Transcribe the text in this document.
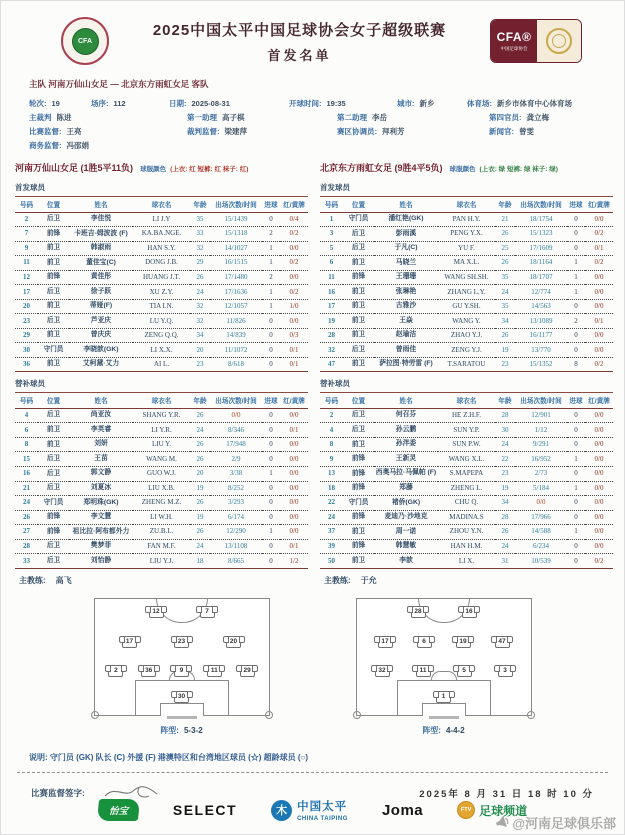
CFA
2025中国太平中国足球协会女子超级联赛
首发名单
CFA®
中国足球协会
主队 河南万仙山女足 — 北京东方雨虹女足 客队
轮次: 19	场序: 112	日期: 2025-08-31	开球时间: 19:35	城市: 新乡	体育场: 新乡市体育中心体育场
主裁判 陈进	第一助理 高子棋	第二助理 李岳	第四官员: 龚立梅
比赛监督: 王亮	裁判监督: 梁建萍	赛区协调员: 拜利芳	新闻官: 曾雯
商务监督: 冯邵娟
河南万仙山女足 (1胜5平11负) 球服颜色 (上衣: 红 短裤: 红 袜子: 红)
首发球员
号码	位置	姓名	球衣名	年龄	出场次数/时间	进球	红/黄牌
2	后卫	李佳悦	LI J.Y	35	15/1439	0	0/4
7	前锋	卡班吉-姆波波 (F)	KA.BA.NGE.	33	15/1318	2	0/2
9	前卫	韩淑雨	HAN S.Y.	32	14/1027	1	0/0
11	前卫	董佳宝(C)	DONG J.B.	29	16/1515	1	0/2
12	前锋	黄佳彤	HUANG J.T.	26	17/1480	2	0/0
17	后卫	徐子跃	XU Z.Y.	24	17/1636	1	0/2
20	前卫	蒂娅(F)	TIA I.N.	32	12/1057	1	1/0
23	后卫	芦亚庆	LU Y.Q.	32	11/826	0	0/0
29	前卫	曾庆庆	ZENG Q.Q.	34	14/839	0	0/3
30	守门员	李晓歆(GK)	LI X.X.	20	11/1072	0	0/1
36	前卫	艾柯黛·艾力	AI L.	23	8/618	0	0/1
替补球员
号码	位置	姓名	球衣名	年龄	出场次数/时间	进球	红/黄牌
4	后卫	尚亚汝	SHANG Y.R.	26	0/0	0	0/0
6	前卫	李英睿	LI Y.R.	24	8/346	0	0/1
8	前卫	刘妍	LIU Y.	26	17/948	0	0/0
15	后卫	王苗	WANG M.	26	2/9	0	0/0
16	后卫	郭文静	GUO W.J.	20	3/38	1	0/0
21	后卫	刘夏冰	LIU X.B.	19	8/252	0	0/0
24	守门员	郑明珠(GK)	ZHENG M.Z.	26	3/293	0	0/0
26	前锋	李文慧	LI W.H.	19	6/174	0	0/0
27	前锋	祖比拉·阿布都外力	ZU.B.L.	26	12/290	1	0/0
28	后卫	樊梦菲	FAN M.F.	24	13/1108	0	0/1
33	后卫	刘怡静	LIU Y.J.	18	8/665	0	1/2
主教练: 高飞
北京东方雨虹女足 (9胜4平5负) 球服颜色 (上衣: 绿 短裤: 绿 袜子: 绿)
首发球员
号码	位置	姓名	球衣名	年龄	出场次数/时间	进球	红/黄牌
1	守门员	潘红艳(GK)	PAN H.Y.	21	18/1754	0	0/0
3	后卫	彭雨溪	PENG Y.X.	26	15/1323	0	0/2
5	后卫	于凡(C)	YU F.	25	17/1609	0	0/1
6	前卫	马晓兰	MA X.L.	26	18/1164	1	0/2
11	前锋	王珊珊	WANG SH.SH.	35	18/1707	1	0/0
16	前卫	张琳艳	ZHANG L.Y.	24	12/774	1	0/0
17	前卫	古雅沙	GU Y.SH.	35	14/563	0	0/0
19	前卫	王焱	WANG Y.	34	13/1089	2	0/1
28	前卫	赵瑜洁	ZHAO Y.J.	26	16/1177	0	0/0
32	后卫	曾雨佳	ZENG Y.J.	19	13/770	0	0/0
47	前卫	萨拉图·特劳雷 (F)	T.SARATOU	23	15/1352	8	0/2
替补球员
号码	位置	姓名	球衣名	年龄	出场次数/时间	进球	红/黄牌
2	后卫	何召芬	HE Z.H.F.	28	12/901	0	0/0
4	后卫	孙云鹏	SUN Y.P.	30	1/12	0	0/0
8	前卫	孙泮委	SUN P.W.	24	9/291	0	0/0
9	前锋	王新灵	WANG X.L.	22	16/952	1	0/0
13	前锋	西奥马拉·马佩帕 (F)	S.MAPEPA	23	2/73	0	0/0
18	前锋	郑藤	ZHENG L.	19	5/184	1	0/0
22	守门员	褚侨(GK)	CHU Q.	34	0/0	0	0/0
24	前锋	麦迪乃·沙地克	MADINA.S	28	17/966	0	0/0
37	前卫	周一诺	ZHOU Y.N.	26	14/588	1	0/0
39	前锋	韩慧敏	HAN H.M.	24	6/234	0	0/0
50	前卫	李歆	LI X.	31	10/539	0	0/2
主教练: 于允
12	7
17	23	20
2	36	9	11	29
30
阵型: 5-3-2
28	16
17	6	19	47
32	11	5	3
1
阵型: 4-4-2
说明: 守门员 (GK) 队长 (C) 外援 (F) 港澳特区和台湾地区球员 (☆) 超龄球员 (○)
比赛监督签字:	2025年 8 月 31 日 18 时 10 分
怡宝	SELECT	木 中国太平
CHINA TAIPING
Joma	FTV 足球频道
@河南足球俱乐部
